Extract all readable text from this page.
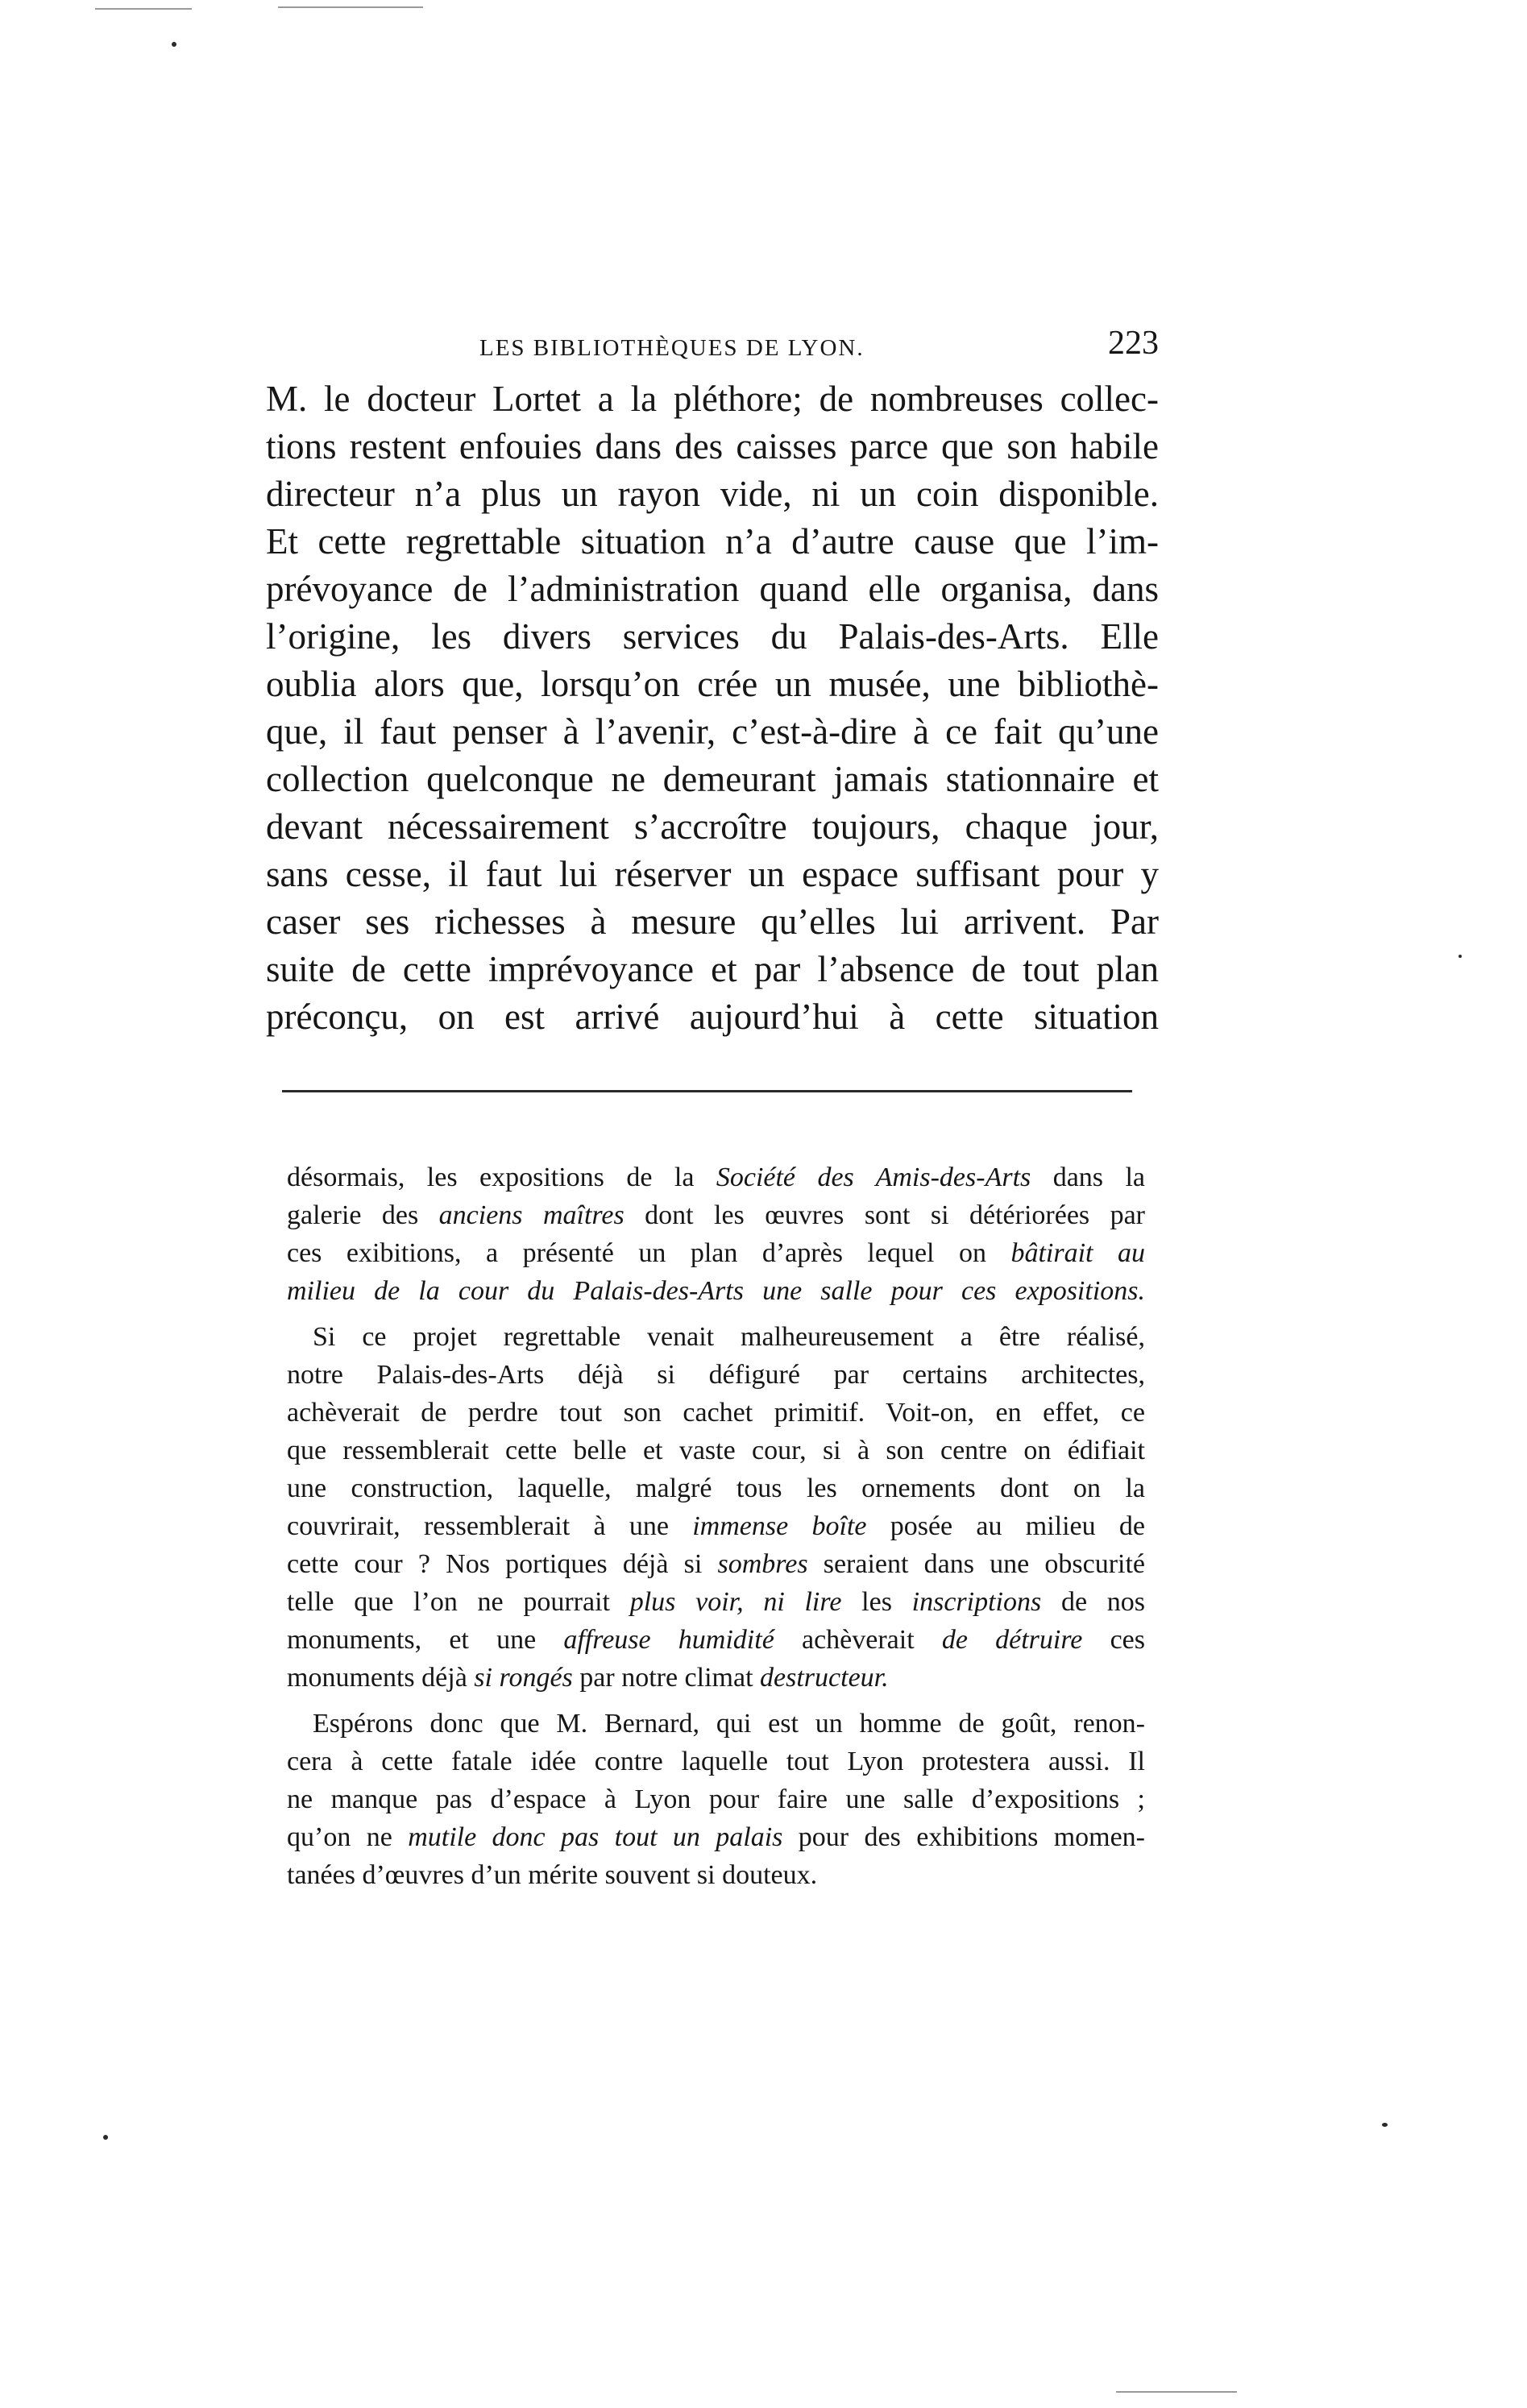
LES BIBLIOTHÈQUES DE LYON.	223
M. le docteur Lortet a la pléthore; de nombreuses collec-
tions restent enfouies dans des caisses parce que son habile
directeur n’a plus un rayon vide, ni un coin disponible.
Et cette regrettable situation n’a d’autre cause que l’im-
prévoyance de l’administration quand elle organisa, dans
l’origine, les divers services du Palais-des-Arts. Elle
oublia alors que, lorsqu’on crée un musée, une bibliothè-
que, il faut penser à l’avenir, c’est-à-dire à ce fait qu’une
collection quelconque ne demeurant jamais stationnaire et
devant nécessairement s’accroître toujours, chaque jour,
sans cesse, il faut lui réserver un espace suffisant pour y
caser ses richesses à mesure qu’elles lui arrivent. Par
suite de cette imprévoyance et par l’absence de tout plan
préconçu, on est arrivé aujourd’hui à cette situation
désormais, les expositions de la Société des Amis-des-Arts dans la
galerie des anciens maîtres dont les œuvres sont si détériorées par
ces exibitions, a présenté un plan d’après lequel on bâtirait au
milieu de la cour du Palais-des-Arts une salle pour ces expositions.
Si ce projet regrettable venait malheureusement a être réalisé,
notre Palais-des-Arts déjà si défiguré par certains architectes,
achèverait de perdre tout son cachet primitif. Voit-on, en effet, ce
que ressemblerait cette belle et vaste cour, si à son centre on édifiait
une construction, laquelle, malgré tous les ornements dont on la
couvrirait, ressemblerait à une immense boîte posée au milieu de
cette cour ? Nos portiques déjà si sombres seraient dans une obscurité
telle que l’on ne pourrait plus voir, ni lire les inscriptions de nos
monuments, et une affreuse humidité achèverait de détruire ces
monuments déjà si rongés par notre climat destructeur.
Espérons donc que M. Bernard, qui est un homme de goût, renon-
cera à cette fatale idée contre laquelle tout Lyon protestera aussi. Il
ne manque pas d’espace à Lyon pour faire une salle d’expositions ;
qu’on ne mutile donc pas tout un palais pour des exhibitions momen-
tanées d’œuvres d’un mérite souvent si douteux.
